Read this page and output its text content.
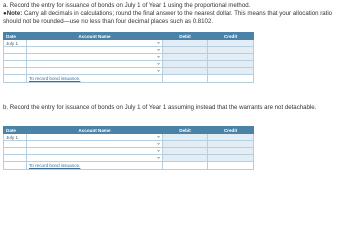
a. Record the entry for issuance of bonds on July 1 of Year 1 using the proportional method.
●Note: Carry all decimals in calculations; round the final answer to the nearest dollar. This means that your allocation ratio
should not be rounded—use no less than four decimal places such as 0.8102.
Date	Account Name	Debit	Credit
July 1	⌄		

	⌄		

	⌄		

	⌄		

	⌄		

	To record bond issuance.		
b. Record the entry for issuance of bonds on July 1 of Year 1 assuming instead that the warrants are not detachable.
Date	Account Name	Debit	Credit
July 1	⌄		

	⌄		

	⌄		

	⌄		

	To record bond issuance.		
